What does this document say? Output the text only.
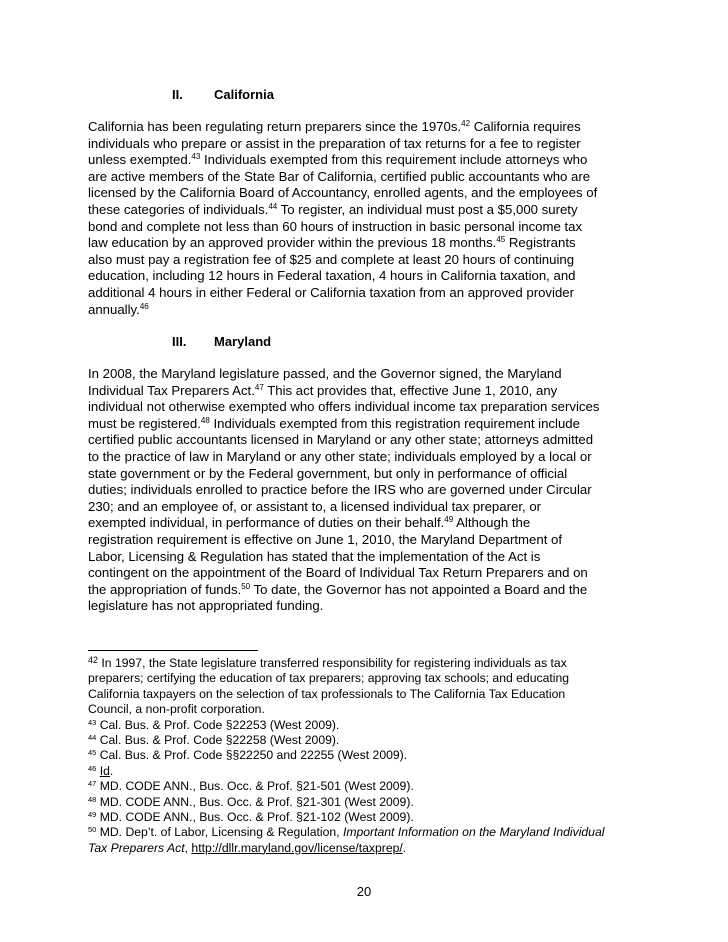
II. California
California has been regulating return preparers since the 1970s.$^{42}$ California requires
individuals who prepare or assist in the preparation of tax returns for a fee to register
unless exempted.$^{43}$ Individuals exempted from this requirement include attorneys who
are active members of the State Bar of California, certified public accountants who are
licensed by the California Board of Accountancy, enrolled agents, and the employees of
these categories of individuals.$^{44}$ To register, an individual must post a $5,000 surety
bond and complete not less than 60 hours of instruction in basic personal income tax
law education by an approved provider within the previous 18 months.$^{45}$ Registrants
also must pay a registration fee of $25 and complete at least 20 hours of continuing
education, including 12 hours in Federal taxation, 4 hours in California taxation, and
additional 4 hours in either Federal or California taxation from an approved provider
annually.$^{46}$
III. Maryland
In 2008, the Maryland legislature passed, and the Governor signed, the Maryland
Individual Tax Preparers Act.$^{47}$ This act provides that, effective June 1, 2010, any
individual not otherwise exempted who offers individual income tax preparation services
must be registered.$^{48}$ Individuals exempted from this registration requirement include
certified public accountants licensed in Maryland or any other state; attorneys admitted
to the practice of law in Maryland or any other state; individuals employed by a local or
state government or by the Federal government, but only in performance of official
duties; individuals enrolled to practice before the IRS who are governed under Circular
230; and an employee of, or assistant to, a licensed individual tax preparer, or
exempted individual, in performance of duties on their behalf.$^{49}$ Although the
registration requirement is effective on June 1, 2010, the Maryland Department of
Labor, Licensing & Regulation has stated that the implementation of the Act is
contingent on the appointment of the Board of Individual Tax Return Preparers and on
the appropriation of funds.$^{50}$ To date, the Governor has not appointed a Board and the
legislature has not appropriated funding.
$^{42}$ In 1997, the State legislature transferred responsibility for registering individuals as tax
preparers; certifying the education of tax preparers; approving tax schools; and educating
California taxpayers on the selection of tax professionals to The California Tax Education
Council, a non-profit corporation.
$^{43}$ Cal. Bus. & Prof. Code §22253 (West 2009).
$^{44}$ Cal. Bus. & Prof. Code §22258 (West 2009).
$^{45}$ Cal. Bus. & Prof. Code §§22250 and 22255 (West 2009).
$^{46}$ Id.
$^{47}$ MD. CODE ANN., Bus. Occ. & Prof. §21-501 (West 2009).
$^{48}$ MD. CODE ANN., Bus. Occ. & Prof. §21-301 (West 2009).
$^{49}$ MD. CODE ANN., Bus. Occ. & Prof. §21-102 (West 2009).
$^{50}$ MD. Dep’t. of Labor, Licensing & Regulation, Important Information on the Maryland Individual
Tax Preparers Act, http://dllr.maryland.gov/license/taxprep/.
20
